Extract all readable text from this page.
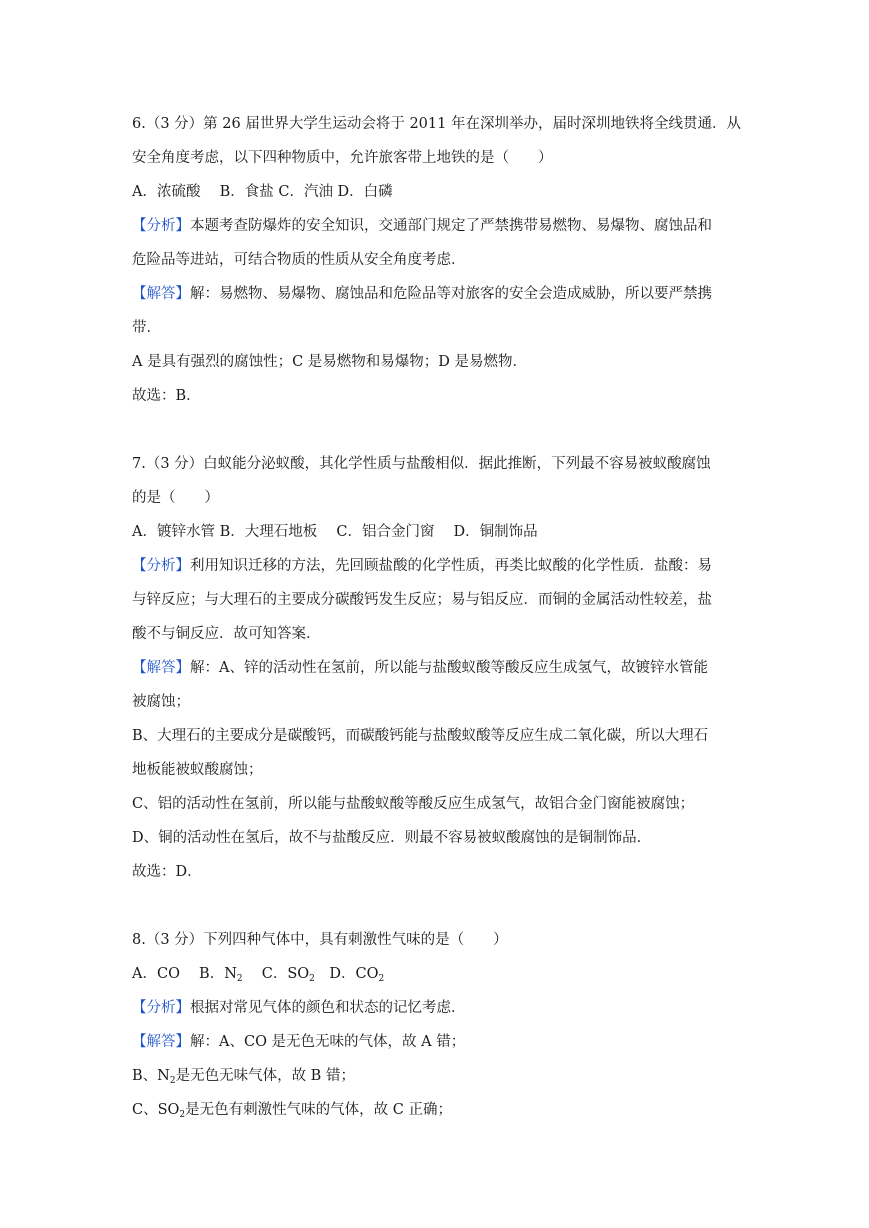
6.（3 分）第 26 届世界大学生运动会将于 2011 年在深圳举办，届时深圳地铁将全线贯通．从
安全角度考虑，以下四种物质中，允许旅客带上地铁的是（　　）
A．浓硫酸　 B．食盐 C．汽油 D．白磷
【分析】本题考查防爆炸的安全知识，交通部门规定了严禁携带易燃物、易爆物、腐蚀品和
危险品等进站，可结合物质的性质从安全角度考虑．
【解答】解：易燃物、易爆物、腐蚀品和危险品等对旅客的安全会造成威胁，所以要严禁携
带．
A 是具有强烈的腐蚀性；C 是易燃物和易爆物；D 是易燃物．
故选：B．
7.（3 分）白蚁能分泌蚁酸，其化学性质与盐酸相似．据此推断，下列最不容易被蚁酸腐蚀
的是（　　）
A．镀锌水管 B．大理石地板　 C．铝合金门窗　 D．铜制饰品
【分析】利用知识迁移的方法，先回顾盐酸的化学性质，再类比蚁酸的化学性质．盐酸：易
与锌反应；与大理石的主要成分碳酸钙发生反应；易与铝反应．而铜的金属活动性较差，盐
酸不与铜反应．故可知答案．
【解答】解：A、锌的活动性在氢前，所以能与盐酸蚁酸等酸反应生成氢气，故镀锌水管能
被腐蚀；
B、大理石的主要成分是碳酸钙，而碳酸钙能与盐酸蚁酸等反应生成二氧化碳，所以大理石
地板能被蚁酸腐蚀；
C、铝的活动性在氢前，所以能与盐酸蚁酸等酸反应生成氢气，故铝合金门窗能被腐蚀；
D、铜的活动性在氢后，故不与盐酸反应．则最不容易被蚁酸腐蚀的是铜制饰品．
故选：D．
8.（3 分）下列四种气体中，具有刺激性气味的是（　　）
A．CO　 B．$N_2$　 C．$SO_2$　D．$CO_2$
【分析】根据对常见气体的颜色和状态的记忆考虑．
【解答】解：A、CO 是无色无味的气体，故 A 错；
B、$N_2$是无色无味气体，故 B 错；
C、$SO_2$是无色有刺激性气味的气体，故 C 正确；
